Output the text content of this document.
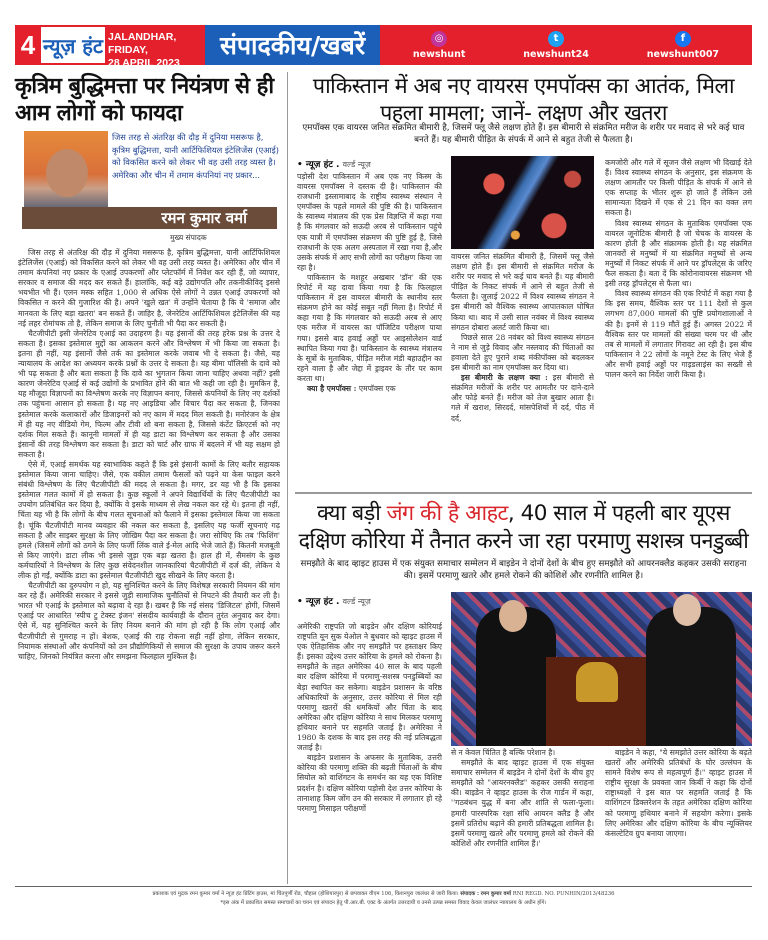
4 न्यूज़ हंट JALANDHAR, FRIDAY,
28 APRIL 2023
संपादकीय/खबरें	◎
newshunt
t
newshunt24
f
newshunt007
कृत्रिम बुद्धिमत्ता पर नियंत्रण से ही आम लोगों को फायदा
जिस तरह से अंतरिक्ष की दौड़ में दुनिया मसरूफ है, कृत्रिम बुद्धिमत्ता, यानी आर्टिफिशियल इंटेलिजेंस (एआई) को विकसित करने को लेकर भी वह उसी तरह व्यस्त है। अमेरिका और चीन में तमाम कंपनियां नए प्रकार...
रमन कुमार वर्मा
मुख्य संपादक

जिस तरह से अंतरिक्ष की दौड़ में दुनिया मसरूफ है, कृत्रिम बुद्धिमत्ता, यानी आर्टिफिशियल इंटेलिजेंस (एआई) को विकसित करने को लेकर भी वह उसी तरह व्यस्त है। अमेरिका और चीन में तमाम कंपनियां नए प्रकार के एआई उपकरणों और प्लेटफॉर्म में निवेश कर रही हैं, जो व्यापार, सरकार व समाज की मदद कर सकते हैं। हालांकि, कई बड़े उद्योगपति और तकनीकीविद् इससे भयभीत भी हैं। एलन मस्क सहित 1,000 से अधिक ऐसे लोगों ने उन्नत एआई उपकरणों को विकसित न करने की गुजारिश की है। अपने 'खुले खत' में उन्होंने चेताया है कि ये 'समाज और मानवता के लिए बड़ा खतरा' बन सकते हैं। जाहिर है, जेनरेटिव आर्टिफिशियल इंटेलिजेंस की यह नई लहर रोमांचक तो है, लेकिन समाज के लिए चुनौती भी पैदा कर सकती है।

चैटजीपीटी इसी जेनरेटिव एआई का उदाहरण है। यह इंसानों की तरह हरेक प्रश्न के उत्तर दे सकता है। इसका इस्तेमाल मुद्दों का आकलन करने और विश्लेषण में भी किया जा सकता है। इतना ही नहीं, यह इंसानों जैसे तर्क का इस्तेमाल करके जवाब भी दे सकता है। जैसे, यह न्यायालय के आदेश का अध्ययन करके प्रश्नों के उत्तर दे सकता है। यह बीमा पॉलिसी के दावे को भी पढ़ सकता है और बता सकता है कि दावे का भुगतान किया जाना चाहिए अथवा नहीं? इसी कारण जेनरेटिव एआई से कई उद्योगों के प्रभावित होने की बात भी कही जा रही है। मुमकिन है, यह मौजूदा विज्ञापनों का विश्लेषण करके नए विज्ञापन बनाए, जिससे कंपनियों के लिए नए दर्शकों तक पहुंचना आसान हो सकता है। यह नए आइडिया और विचार पैदा कर सकता है, जिनका इस्तेमाल करके कलाकारों और डिजाइनरों को नए काम में मदद मिल सकती है। मनोरंजन के क्षेत्र में ही यह नए वीडियो गेम, फिल्म और टीवी शो बना सकता है, जिससे कंटेंट क्रिएटर्स को नए दर्शक मिल सकते हैं। कानूनी मामलों में ही यह डाटा का विश्लेषण कर सकता है और उसका इंसानों की तरह विश्लेषण कर सकता है। डाटा को चार्ट और ग्राफ में बदलने में भी यह सक्षम हो सकता है।

ऐसे में, एआई समर्थक यह स्वाभाविक कहते हैं कि इसे इंसानी कामों के लिए बतौर सहायक इस्तेमाल किया जाना चाहिए। जैसे, एक वकील तमाम फैसलों को पढ़ने या केस फाइल करने संबंधी विश्लेषण के लिए चैटजीपीटी की मदद ले सकता है। मगर, डर यह भी है कि इसका इस्तेमाल गलत कामों में हो सकता है। कुछ स्कूलों ने अपने विद्यार्थियों के लिए चैटजीपीटी का उपयोग प्रतिबंधित कर दिया है, क्योंकि वे इसके माध्यम से लेख नकल कर रहे थे। इतना ही नहीं, चिंता यह भी है कि लोगों के बीच गलत सूचनाओं को फैलाने में इसका इस्तेमाल किया जा सकता है। चूंकि चैटजीपीटी मानव व्यवहार की नकल कर सकता है, इसलिए यह फर्जी सूचनाएं गढ़ सकता है और साइबर सुरक्षा के लिए जोखिम पैदा कर सकता है। जरा सोचिए कि तब 'फिशिंग' हमले (जिसमें लोगों को ठगने के लिए फर्जी लिंक वाले ई-मेल आदि भेजे जाते हैं) कितनी मजबूती से किए जाएंगे। डाटा लीक भी इससे जुड़ा एक बड़ा खतरा है। हाल ही में, सैमसंग के कुछ कर्मचारियों ने विश्लेषण के लिए कुछ संवेदनशील जानकारियां चैटजीपीटी में दर्ज की, लेकिन ये लीक हो गईं, क्योंकि डाटा का इस्तेमाल चैटजीपीटी खुद सीखने के लिए करता है।

चैटजीपीटी का दुरुपयोग न हो, यह सुनिश्चित करने के लिए विशेषज्ञ सरकारी नियमन की मांग कर रहे हैं। अमेरिकी सरकार ने इससे जुड़ी सामाजिक चुनौतियों से निपटने की तैयारी कर ली है। भारत भी एआई के इस्तेमाल को बढ़ावा दे रहा है। खबर है कि नई संसद 'डिजिटल' होगी, जिसमें एआई पर आधारित 'स्पीच टु टेक्स्ट इंजन' संसदीय कार्यवाही के दौरान तुरंत अनुवाद कर देगा। ऐसे में, यह सुनिश्चित करने के लिए नियम बनाने की मांग हो रही है कि लोग एआई और चैटजीपीटी से गुमराह न हों। बेशक, एआई की राह रोकना सही नहीं होगा, लेकिन सरकार, नियामक संस्थाओं और कंपनियों को उन प्रौद्योगिकियों से समाज की सुरक्षा के उपाय जरूर करने चाहिए, जिनको नियंत्रित करना और समझना फिलहाल मुश्किल है।

पाकिस्तान में अब नए वायरस एमपॉक्स का आतंक, मिला पहला मामला; जानें- लक्षण और खतरा
एमपॉक्स एक वायरस जनित संक्रमित बीमारी है, जिसमें फ्लू जैसे लक्षण होते हैं। इस बीमारी से संक्रमित मरीज के शरीर पर मवाद से भरे कई घाव बनते हैं। यह बीमारी पीड़ित के संपर्क में आने से बहुत तेजी से फैलता है।
• न्यूज़ हंट . वर्ल्ड न्यूज़

पड़ोसी देश पाकिस्तान में अब एक नए किस्म के वायरस एमपॉक्स ने दस्तक दी है। पाकिस्तान की राजधानी इस्लामाबाद के राष्ट्रीय स्वास्थ्य संस्थान ने एमपॉक्स के पहले मामले की पुष्टि की है। पाकिस्तान के स्वास्थ्य मंत्रालय की एक प्रेस विज्ञप्ति में कहा गया है कि मंगलवार को सऊदी अरब से पाकिस्तान पहुंचे एक यात्री में एमपॉक्स संक्रमण की पुष्टि हुई है, जिसे राजधानी के एक अलग अस्पताल में रखा गया है,और उसके संपर्क में आए सभी लोगों का परीक्षण किया जा रहा है।

पाकिस्तान के मशहूर अखबार 'डॉन' की एक रिपोर्ट में यह दावा किया गया है कि फिलहाल पाकिस्तान में इस वायरल बीमारी के स्थानीय स्तर संक्रमण होने का कोई सबूत नहीं मिला है। रिपोर्ट में कहा गया है कि मंगलवार को सऊदी अरब से आए एक मरीज में वायरस का पॉजिटिव परीक्षण पाया गया। इससे बाद हवाई अड्डों पर आइसोलेशन वार्ड स्थापित किया गया है। पाकिस्तान के स्वास्थ्य मंत्रालय के सूत्रों के मुताबिक, पीड़ित मरीज मंडी बहाउद्दीन का रहने वाला है और जेद्दा में ड्राइवर के तौर पर काम करता था।

क्या है एमपॉक्स : एमपॉक्स एक

वायरस जनित संक्रमित बीमारी है, जिसमें फ्लू जैसे लक्षण होते हैं। इस बीमारी से संक्रमित मरीज के शरीर पर मवाद से भरे कई घाव बनते हैं। यह बीमारी पीड़ित के निकट संपर्क में आने से बहुत तेजी से फैलता है। जुलाई 2022 में विश्व स्वास्थ्य संगठन ने इस बीमारी को वैश्विक स्वास्थ्य आपातकाल घोषित किया था। बाद में उसी साल नवंबर में विश्व स्वास्थ्य संगठन दोबारा अलर्ट जारी किया था।

पिछले साल 28 नवंबर को विश्व स्वास्थ्य संगठन ने नाम से जुड़े विवाद और नस्लवाद की चिंताओं का हवाला देते हुए पुराने शब्द मंकीपॉक्स को बदलकर इस बीमारी का नाम एमपॉक्स कर दिया था।

इस बीमारी के लक्षण क्या : इस बीमारी से संक्रमित मरीजों के शरीर पर आमतौर पर दाने-दाने और फोड़े बनते हैं। मरीज को तेज बुखार आता है। गले में खराश, सिरदर्द, मांसपेशियों में दर्द, पीठ में दर्द,

कमजोरी और गले में सूजन जैसे लक्षण भी दिखाई देते हैं। विश्व स्वास्थ्य संगठन के अनुसार, इस संक्रमण के लक्षण आमतौर पर किसी पीड़ित के संपर्क में आने से एक सप्ताह के भीतर शुरू हो जाते हैं लेकिन उसे सामान्यतः दिखने में एक से 21 दिन का वक्त लग सकता है।

विश्व स्वास्थ्य संगठन के मुताबिक एमपॉक्स एक वायरल जूनोटिक बीमारी है जो चेचक के वायरस के कारण होती है और संक्रामक होती है। यह संक्रमित जानवरों से मनुष्यों में या संक्रमित मनुष्यों से अन्य मनुष्यों में निकट संपर्क में आने पर ड्रॉपलेट्स के जरिए फैल सकता है। बता दें कि कोरोनावायरस संक्रमण भी इसी तरह ड्रॉपलेट्स से फैला था।

विश्व स्वास्थ्य संगठन की एक रिपोर्ट में कहा गया है कि इस समय, वैश्विक स्तर पर 111 देशों से कुल लगभग 87,000 मामलों की पुष्टि प्रयोगशालाओं ने की है। इनमें से 119 मौतें हुई हैं। अगस्त 2022 में वैश्विक स्तर पर मामलों की संख्या चरम पर थी और तब से मामलों में लगातार गिरावट आ रही है। इस बीच पाकिस्तान ने 22 लोगों के नमूने टेस्ट के लिए भेजे हैं और सभी हवाई अड्डों पर गाइडलाइंस का सख्ती से पालन करने का निर्देश जारी किया है।

क्या बड़ी जंग की है आहट, 40 साल में पहली बार यूएस दक्षिण कोरिया में तैनात करने जा रहा परमाणु सशस्त्र पनडुब्बी
समझौते के बाद व्हाइट हाउस में एक संयुक्त समाचार सम्मेलन में बाइडेन ने दोनों देशों के बीच हुए समझौते को आयरनक्लैड कहकर उसकी सराहना की। इसमें परमाणु खतरे और हमले रोकने की कोशिशें और रणनीति शामिल है।
• न्यूज़ हंट . वर्ल्ड न्यूज़

अमेरिकी राष्ट्रपति जो बाइडेन और दक्षिण कोरियाई राष्ट्रपति यून सुक येओल ने बुधवार को व्हाइट हाउस में एक ऐतिहासिक और नए समझौते पर हस्ताक्षर किए हैं। इसका उद्देश्य उत्तर कोरिया के हमले को रोकना है। समझौते के तहत अमेरिका 40 साल के बाद पहली बार दक्षिण कोरिया में परमाणु-सशस्त्र पनडुब्बियों का बेड़ा स्थापित कर सकेगा। बाइडेन प्रशासन के वरिष्ठ अधिकारियों के अनुसार, उत्तर कोरिया से मिल रही परमाणु खतरों की धमकियों और चिंता के बाद अमेरिका और दक्षिण कोरिया ने साथ मिलकर परमाणु हथियार बनाने पर सहमति जताई है। अमेरिका ने 1980 के दशक के बाद इस तरह की नई प्रतिबद्धता जताई है।

बाइडेन प्रशासन के अफसर के मुताबिक, उत्तरी कोरिया की परमाणु शक्ति की बढ़ती चिंताओं के बीच सियोल को वाशिंगटन के समर्थन का यह एक विशिष्ट प्रदर्शन है। दक्षिण कोरिया पड़ोसी देश उत्तर कोरिया के तानाशाह किम जोंग उन की सरकार में लगातार हो रहे परमाणु मिसाइल परीक्षणों

से न केवल चिंतित है बल्कि परेशान है।

समझौते के बाद व्हाइट हाउस में एक संयुक्त समाचार सम्मेलन में बाइडेन ने दोनों देशों के बीच हुए समझौते को "आयरनक्लैड" कहकर उसकी सराहना की। बाइडेन ने व्हाइट हाउस के रोज गार्डन में कहा, ''गठबंधन युद्ध में बना और शांति से फला-फूला। हमारी पारस्परिक रक्षा संधि आयरन क्लैड है और इसमें प्रतिरोध बढ़ाने की हमारी प्रतिबद्धता शामिल है। इसमें परमाणु खतरे और परमाणु हमले को रोकने की कोशिशें और रणनीति शामिल हैं।'

बाइडेन ने कहा, "ये समझोते उत्तर कोरिया के बढ़ते खतरों और अमेरिकी प्रतिबंधों के घोर उल्लंघन के सामने विशेष रूप से महत्वपूर्ण हैं।" व्हाइट हाउस में राष्ट्रीय सुरक्षा के प्रवक्ता जान किर्बी ने कहा कि दोनों राष्ट्राध्यक्षों ने इस बात पर सहमति जताई है कि वाशिंगटन डिक्लरेशन के तहत अमेरिका दक्षिण कोरिया को परमाणु हथियार बनाने में सहयोग करेगा। इसके लिए अमेरिका और दक्षिण कोरिया के बीच न्यूक्लियर कंसल्टेटिव ग्रुप बनाया जाएगा।

प्रकाशक एवं मुद्रक रमन कुमार वर्मा ने न्यूज़ हंट प्रिंटिंग हाउस, मां चिंतपूर्णी रोड, चौहाल (होशियारपुर) से छपवाकर वीएम 106, किशनपुरा जालंधर से जारी किया। संपादक : रमन कुमार वर्मा RNI REGD. NO. PUNHIN/2013/48236
*इस अंक में प्रकाशित समस्त समाचारों का चयन एवं संपादन हेतु पी.आर.बी. एक्ट के अंतर्गत उत्तरदायी व उनसे उत्पन्न समस्त विवाद केवल जालंधर न्यायालय के अधीन होंगे।
